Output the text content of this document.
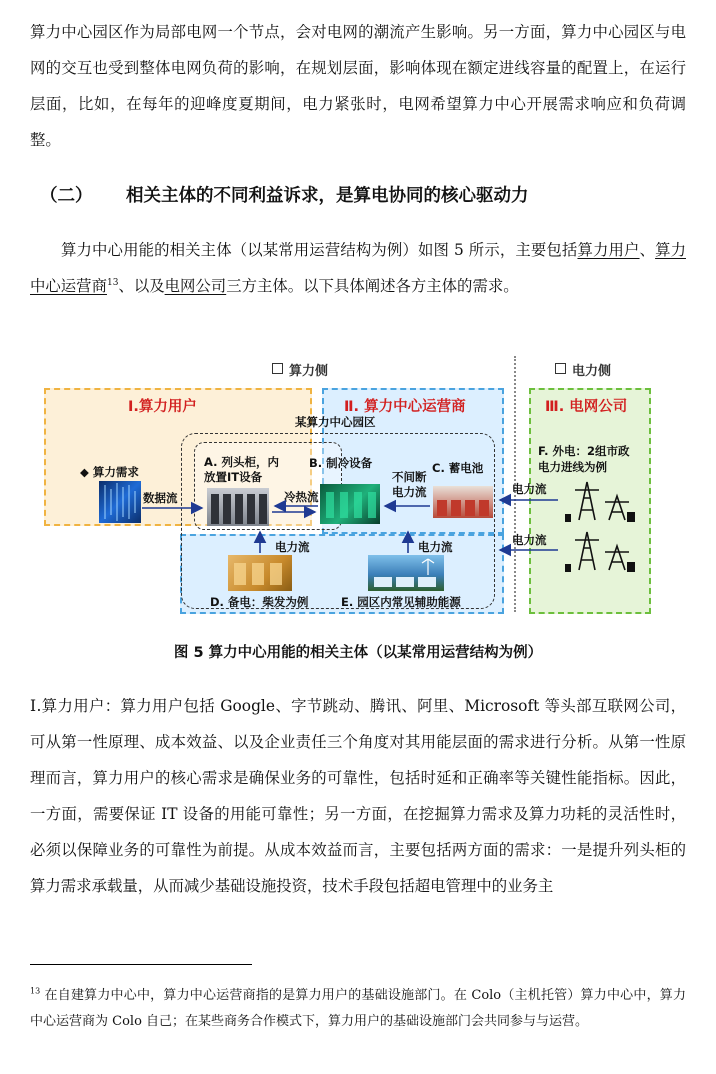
算力中心园区作为局部电网一个节点，会对电网的潮流产生影响。另一方面，算力中心园区与电网的交互也受到整体电网负荷的影响，在规划层面，影响体现在额定进线容量的配置上，在运行层面，比如，在每年的迎峰度夏期间，电力紧张时，电网希望算力中心开展需求响应和负荷调整。

（二） 相关主体的不同利益诉求，是算电协同的核心驱动力

算力中心用能的相关主体（以某常用运营结构为例）如图 5 所示，主要包括算力用户、算力中心运营商$^{13}$、以及电网公司三方主体。以下具体阐述各方主体的需求。

算力侧	电力侧
Ⅰ.算力用户	Ⅱ. 算力中心运营商	Ⅲ. 电网公司
某算力中心园区
◆ 算力需求
数据流
A. 列头柜，内
放置IT设备
B. 制冷设备
冷热流
C. 蓄电池
不间断
电力流
F. 外电：2组市政
电力进线为例
电力流
电力流
D. 备电：柴发为例
电力流
E. 园区内常见辅助能源
电力流
图 5 算力中心用能的相关主体（以某常用运营结构为例）

Ⅰ.算力用户：算力用户包括 Google、字节跳动、腾讯、阿里、Microsoft 等头部互联网公司，可从第一性原理、成本效益、以及企业责任三个角度对其用能层面的需求进行分析。从第一性原理而言，算力用户的核心需求是确保业务的可靠性，包括时延和正确率等关键性能指标。因此，一方面，需要保证 IT 设备的用能可靠性；另一方面，在挖掘算力需求及算力功耗的灵活性时，必须以保障业务的可靠性为前提。从成本效益而言，主要包括两方面的需求：一是提升列头柜的算力需求承载量，从而减少基础设施投资，技术手段包括超电管理中的业务主

$^{13}$ 在自建算力中心中，算力中心运营商指的是算力用户的基础设施部门。在 Colo（主机托管）算力中心中，算力中心运营商为 Colo 自己；在某些商务合作模式下，算力用户的基础设施部门会共同参与与运营。
